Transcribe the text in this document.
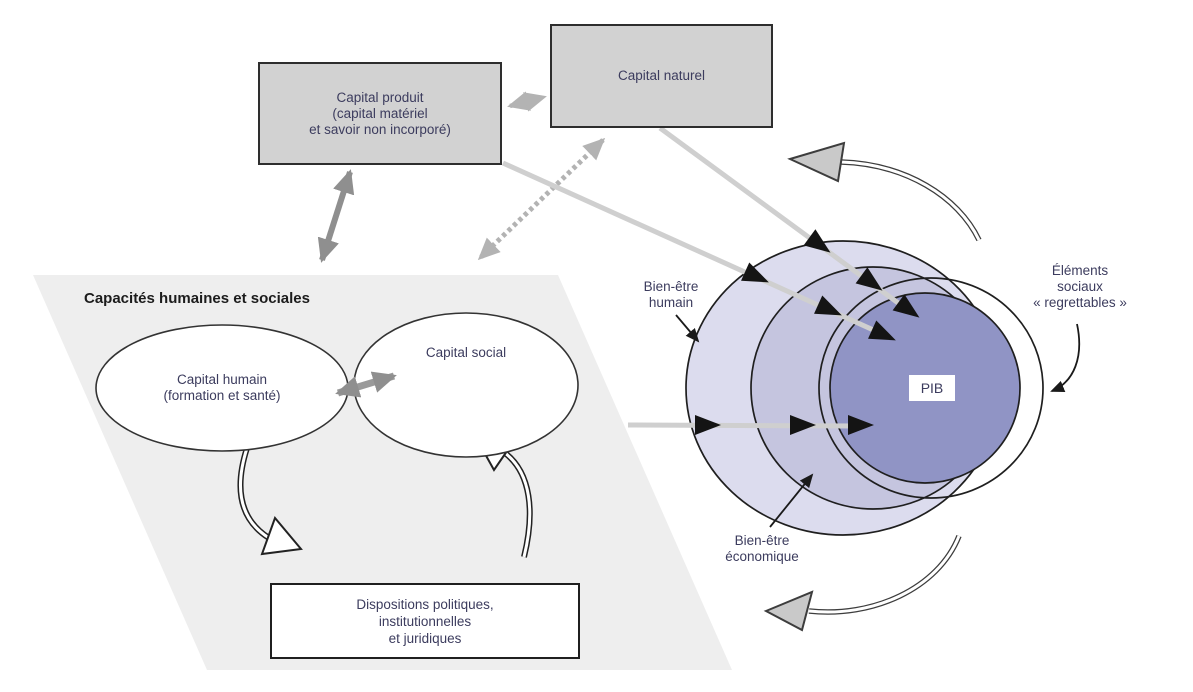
Capacités humaines et sociales
Capital produit
(capital matériel
et savoir non incorporé)
Capital naturel
Dispositions politiques,
institutionnelles
et juridiques
Capital humain
(formation et santé)
Capital social
Bien-être
humain
Bien-être
économique
Éléments
sociaux
« regrettables »
PIB
